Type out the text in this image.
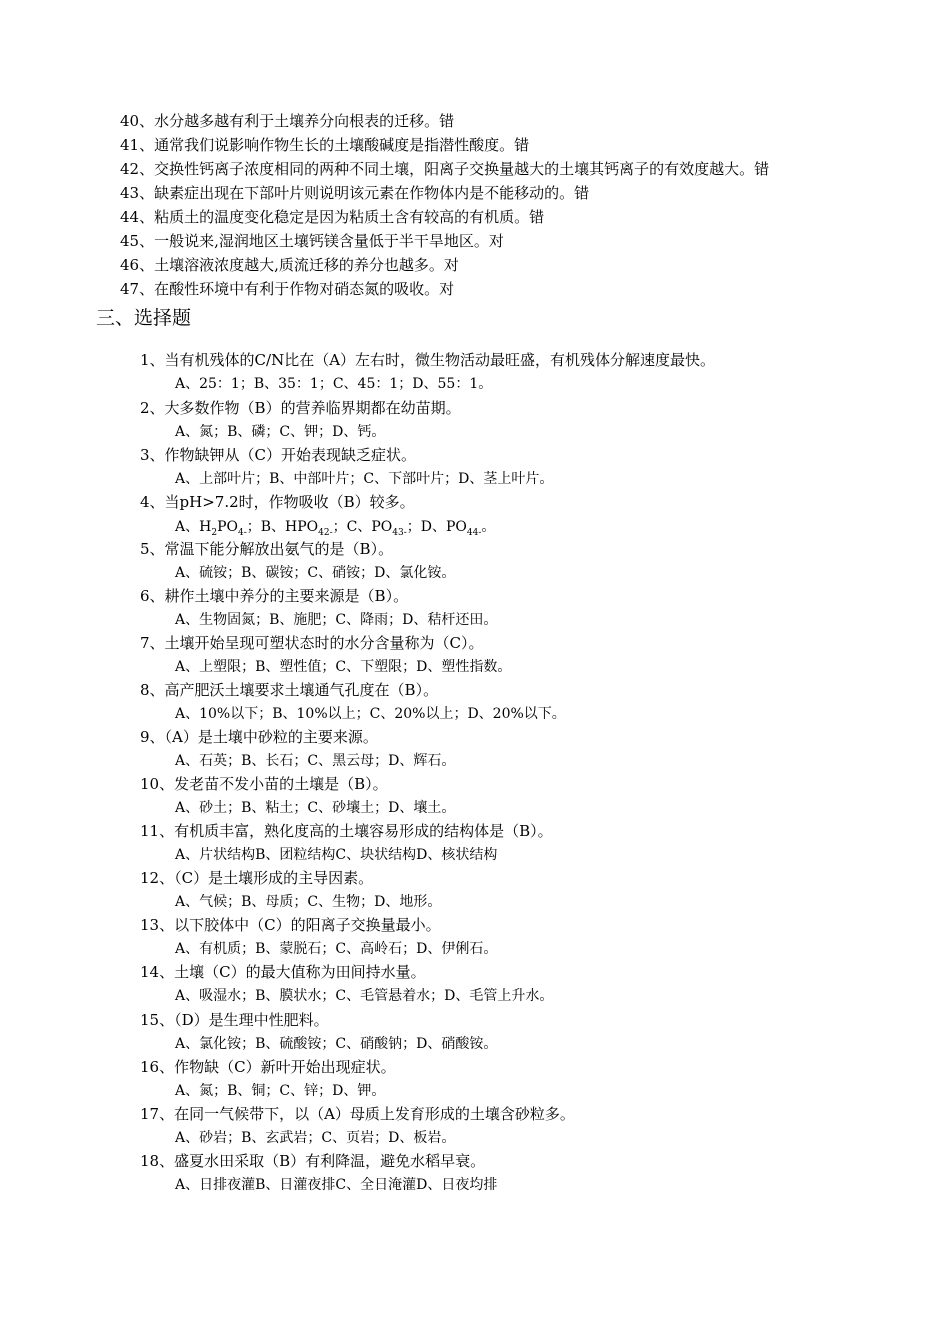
40、水分越多越有利于土壤养分向根表的迁移。错
41、通常我们说影响作物生长的土壤酸碱度是指潜性酸度。错
42、交换性钙离子浓度相同的两种不同土壤，阳离子交换量越大的土壤其钙离子的有效度越大。错
43、缺素症出现在下部叶片则说明该元素在作物体内是不能移动的。错
44、粘质土的温度变化稳定是因为粘质土含有较高的有机质。错
45、一般说来,湿润地区土壤钙镁含量低于半干旱地区。对
46、土壤溶液浓度越大,质流迁移的养分也越多。对
47、在酸性环境中有利于作物对硝态氮的吸收。对
三、选择题
1、当有机残体的C/N比在（A）左右时，微生物活动最旺盛，有机残体分解速度最快。
A、25：1；B、35：1；C、45：1；D、55：1。
2、大多数作物（B）的营养临界期都在幼苗期。
A、氮；B、磷；C、钾；D、钙。
3、作物缺钾从（C）开始表现缺乏症状。
A、上部叶片；B、中部叶片；C、下部叶片；D、茎上叶片。
4、当pH>7.2时，作物吸收（B）较多。
5、常温下能分解放出氨气的是（B）。
A、硫铵；B、碳铵；C、硝铵；D、氯化铵。
6、耕作土壤中养分的主要来源是（B）。
A、生物固氮；B、施肥；C、降雨；D、秸杆还田。
7、土壤开始呈现可塑状态时的水分含量称为（C）。
A、上塑限；B、塑性值；C、下塑限；D、塑性指数。
8、高产肥沃土壤要求土壤通气孔度在（B）。
A、10%以下；B、10%以上；C、20%以上；D、20%以下。
9、（A）是土壤中砂粒的主要来源。
A、石英；B、长石；C、黑云母；D、辉石。
10、发老苗不发小苗的土壤是（B）。
A、砂土；B、粘土；C、砂壤土；D、壤土。
11、有机质丰富，熟化度高的土壤容易形成的结构体是（B）。
A、片状结构B、团粒结构C、块状结构D、核状结构
12、（C）是土壤形成的主导因素。
A、气候；B、母质；C、生物；D、地形。
13、以下胶体中（C）的阳离子交换量最小。
A、有机质；B、蒙脱石；C、高岭石；D、伊俐石。
14、土壤（C）的最大值称为田间持水量。
A、吸湿水；B、膜状水；C、毛管悬着水；D、毛管上升水。
15、（D）是生理中性肥料。
A、氯化铵；B、硫酸铵；C、硝酸钠；D、硝酸铵。
16、作物缺（C）新叶开始出现症状。
A、氮；B、铜；C、锌；D、钾。
17、在同一气候带下，以（A）母质上发育形成的土壤含砂粒多。
A、砂岩；B、玄武岩；C、页岩；D、板岩。
18、盛夏水田采取（B）有利降温，避免水稻早衰。
A、日排夜灌B、日灌夜排C、全日淹灌D、日夜均排
A、$H_2PO_{4-}$；B、$HPO_{42-}$；C、$PO_{43-}$；D、$PO_{44-}$。
